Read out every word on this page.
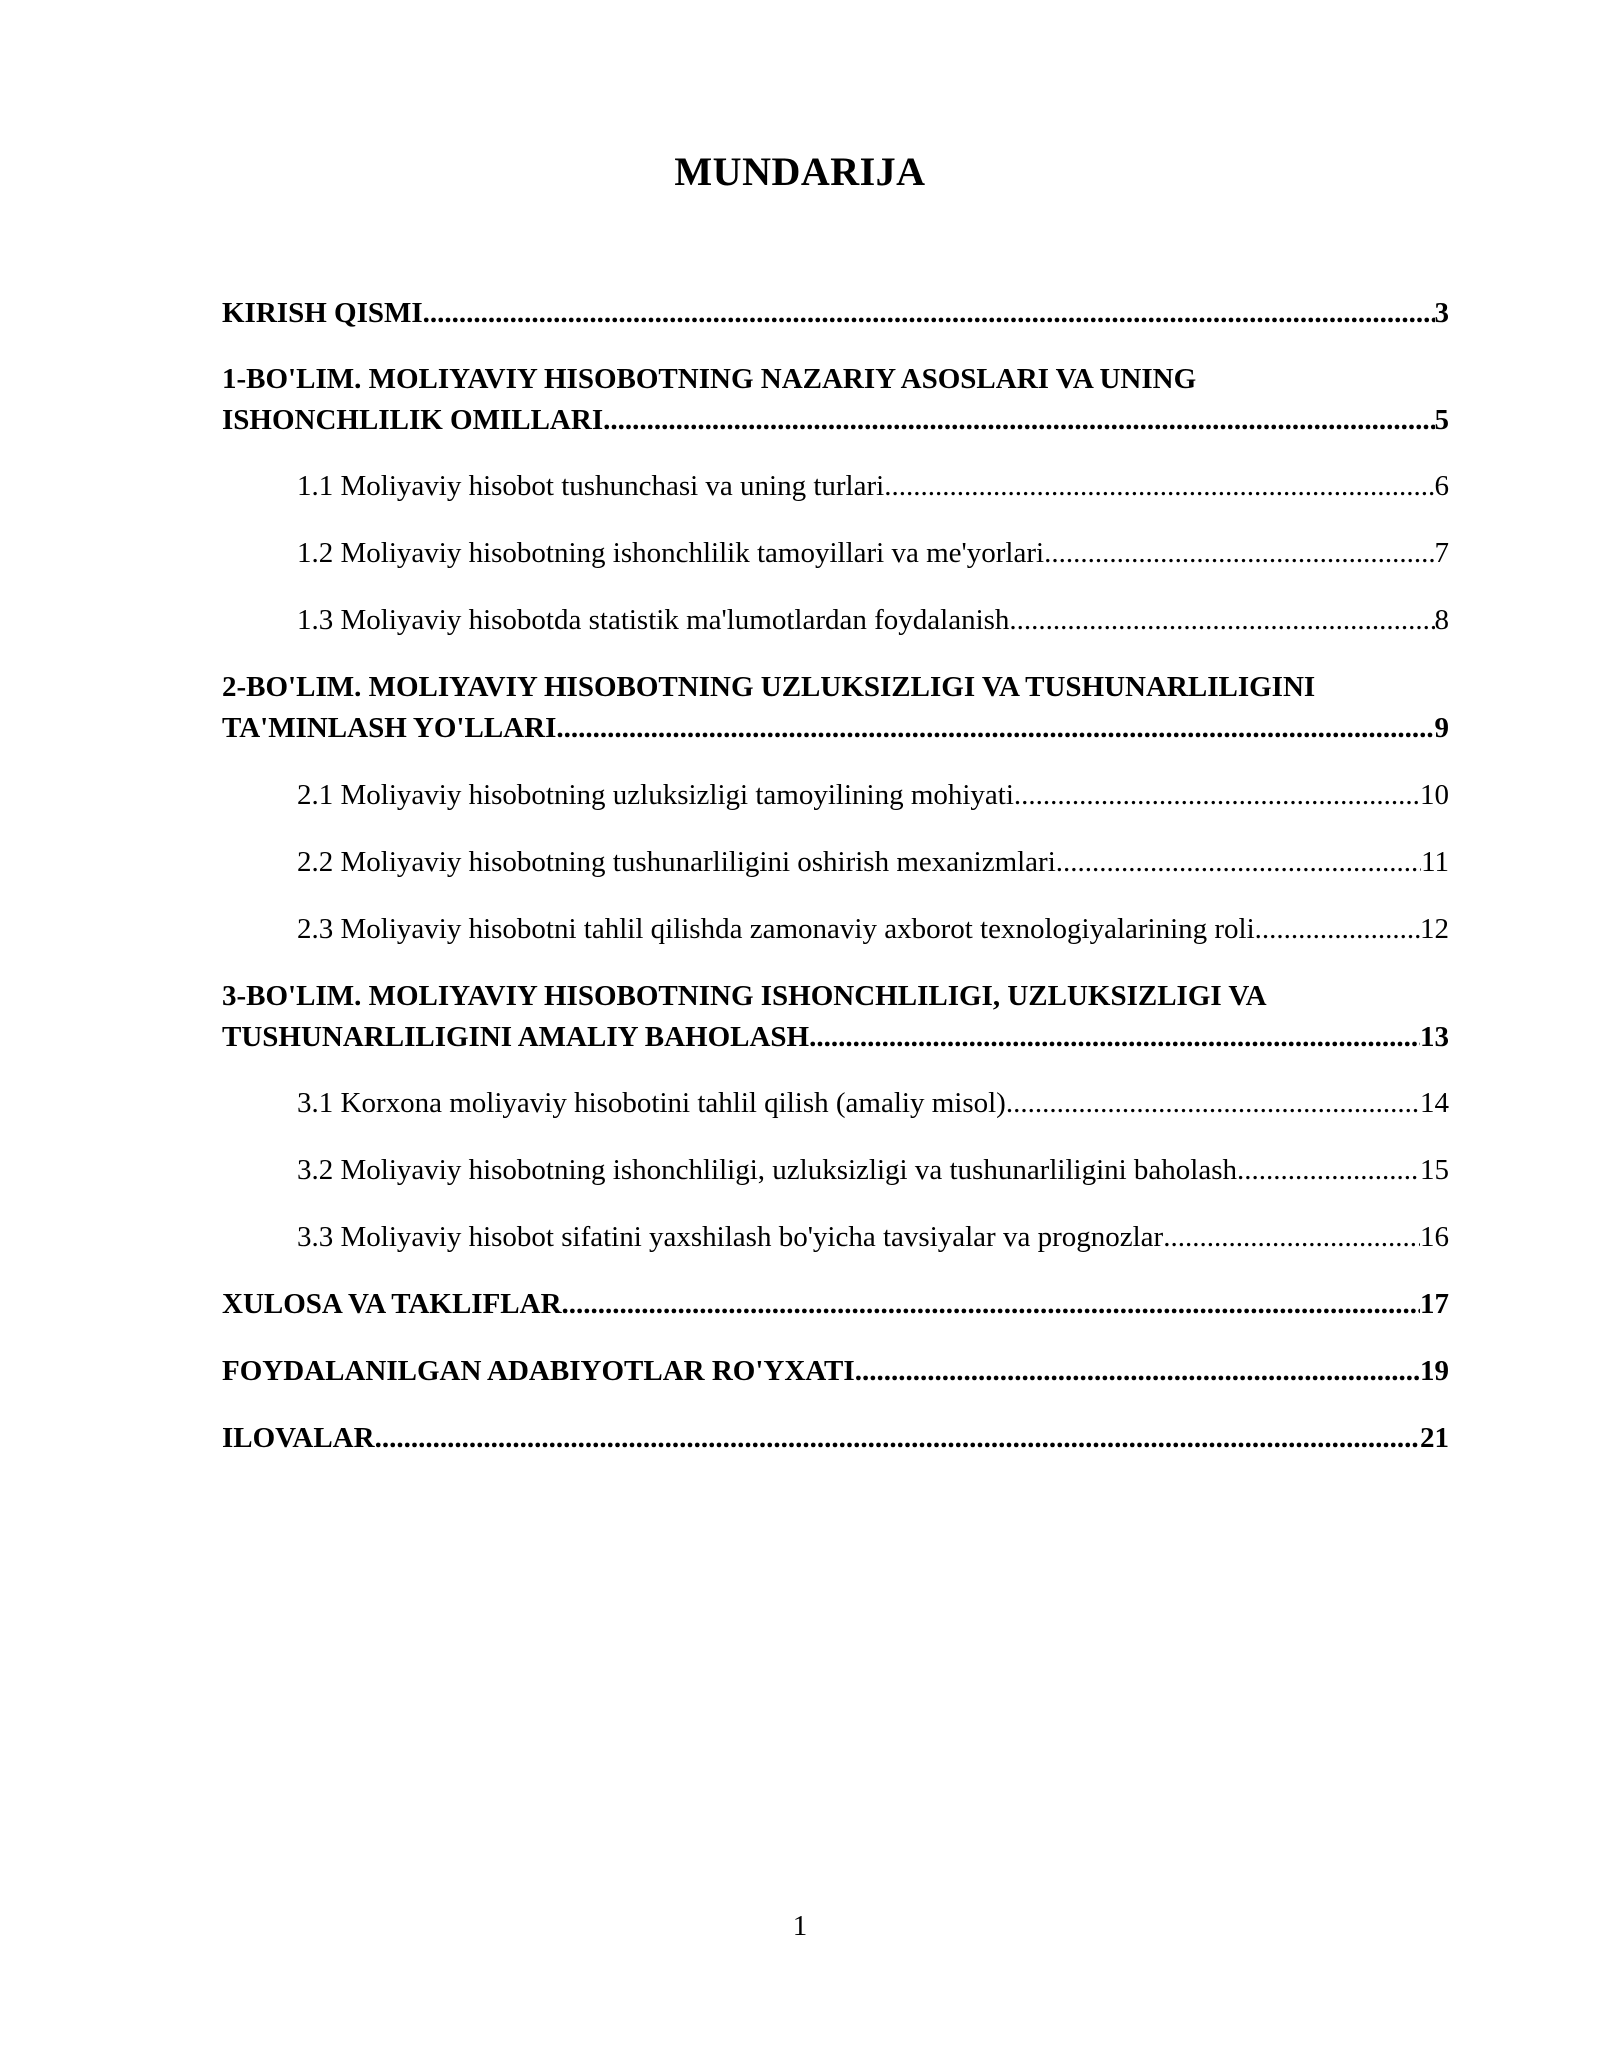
MUNDARIJA
KIRISH QISMI .....	3
1-BO'LIM. MOLIYAVIY HISOBOTNING NAZARIY ASOSLARI VA UNING
ISHONCHLILIK OMILLARI .....	5
1.1 Moliyaviy hisobot tushunchasi va uning turlari .....	6
1.2 Moliyaviy hisobotning ishonchlilik tamoyillari va me'yorlari .....	7
1.3 Moliyaviy hisobotda statistik ma'lumotlardan foydalanish .....	8
2-BO'LIM. MOLIYAVIY HISOBOTNING UZLUKSIZLIGI VA TUSHUNARLILIGINI
TA'MINLASH YO'LLARI .....	9
2.1 Moliyaviy hisobotning uzluksizligi tamoyilining mohiyati .....	10
2.2 Moliyaviy hisobotning tushunarliligini oshirish mexanizmlari .....	11
2.3 Moliyaviy hisobotni tahlil qilishda zamonaviy axborot texnologiyalarining roli .....	12
3-BO'LIM. MOLIYAVIY HISOBOTNING ISHONCHLILIGI, UZLUKSIZLIGI VA
TUSHUNARLILIGINI AMALIY BAHOLASH .....	13
3.1 Korxona moliyaviy hisobotini tahlil qilish (amaliy misol) .....	14
3.2 Moliyaviy hisobotning ishonchliligi, uzluksizligi va tushunarliligini baholash .....	15
3.3 Moliyaviy hisobot sifatini yaxshilash bo'yicha tavsiyalar va prognozlar .....	16
XULOSA VA TAKLIFLAR .....	17
FOYDALANILGAN ADABIYOTLAR RO'YXATI .....	19
ILOVALAR .....	21
1
